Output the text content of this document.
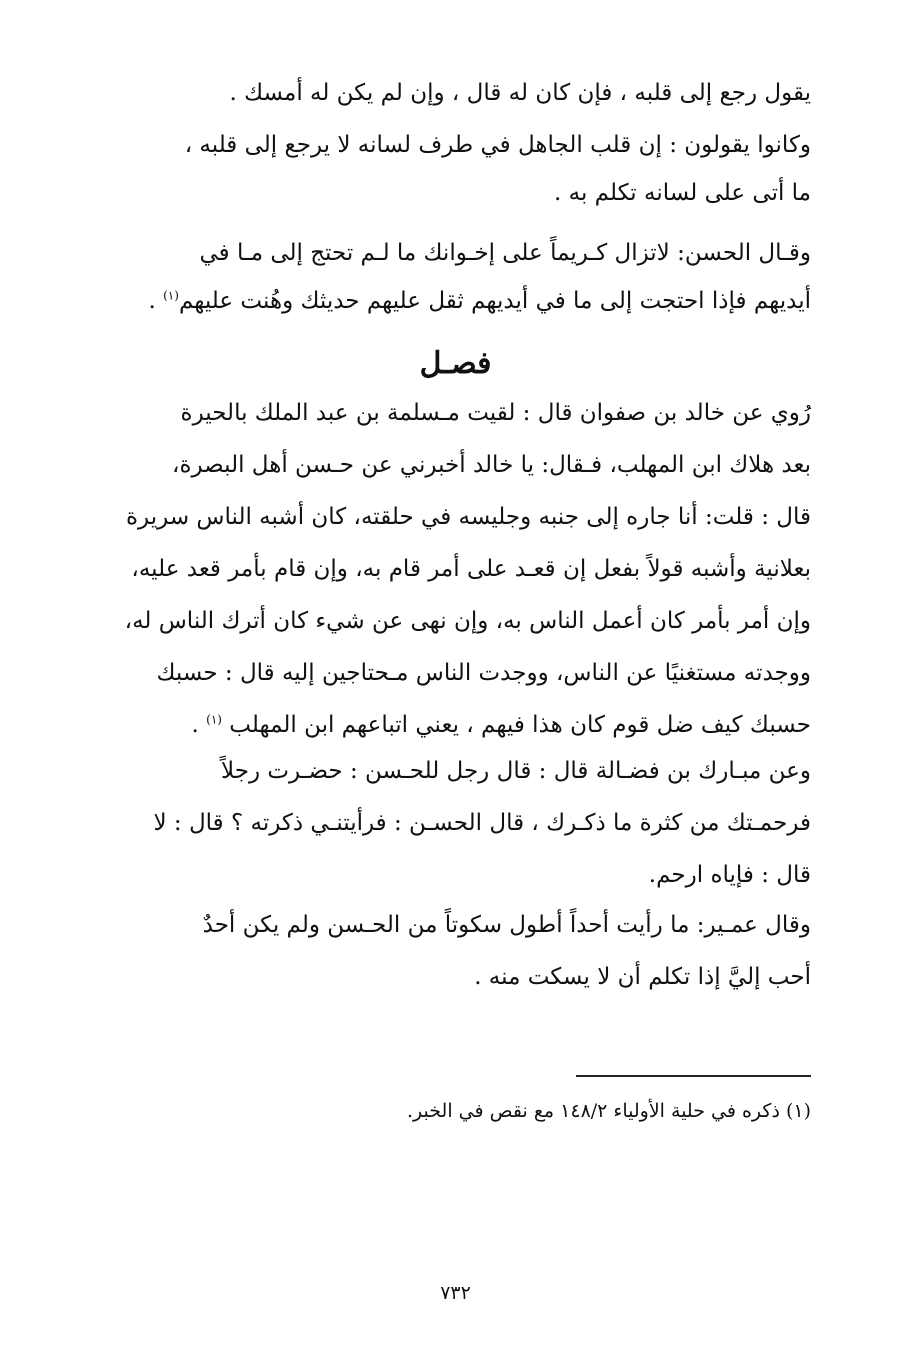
يقول رجع إلى قلبه ، فإن كان له قال ، وإن لم يكن له أمسك .
وكانوا يقولون : إن قلب الجاهل في طرف لسانه لا يرجع إلى قلبه ،
ما أتى على لسانه تكلم به .
وقـال الحسن: لاتزال كـريماً على إخـوانك ما لـم تحتج إلى مـا في
أيديهم فإذا احتجت إلى ما في أيديهم ثقل عليهم حديثك وهُنت عليهم$^{(١)}$ .
فصـل
رُوي عن خالد بن صفوان قال : لقيت مـسلمة بن عبد الملك بالحيرة
بعد هلاك ابن المهلب، فـقال: يا خالد أخبرني عن حـسن أهل البصرة،
قال : قلت: أنا جاره إلى جنبه وجليسه في حلقته، كان أشبه الناس سريرة
بعلانية وأشبه قولاً بفعل إن قعـد على أمر قام به، وإن قام بأمر قعد عليه،
وإن أمر بأمر كان أعمل الناس به، وإن نهى عن شيء كان أترك الناس له،
ووجدته مستغنيًا عن الناس، ووجدت الناس مـحتاجين إليه قال : حسبك
حسبك كيف ضل قوم كان هذا فيهم ، يعني اتباعهم ابن المهلب $^{(١)}$ .
وعن مبـارك بن فضـالة قال : قال رجل للحـسن : حضـرت رجلاً
فرحمـتك من كثرة ما ذكـرك ، قال الحسـن : فرأيتنـي ذكرته ؟ قال : لا
قال : فإياه ارحم.
وقال عمـير: ما رأيت أحداً أطول سكوتاً من الحـسن ولم يكن أحدٌ
أحب إليَّ إذا تكلم أن لا يسكت منه .
(١) ذكره في حلية الأولياء ١٤٨/٢ مع نقص في الخبر.
٧٣٢
